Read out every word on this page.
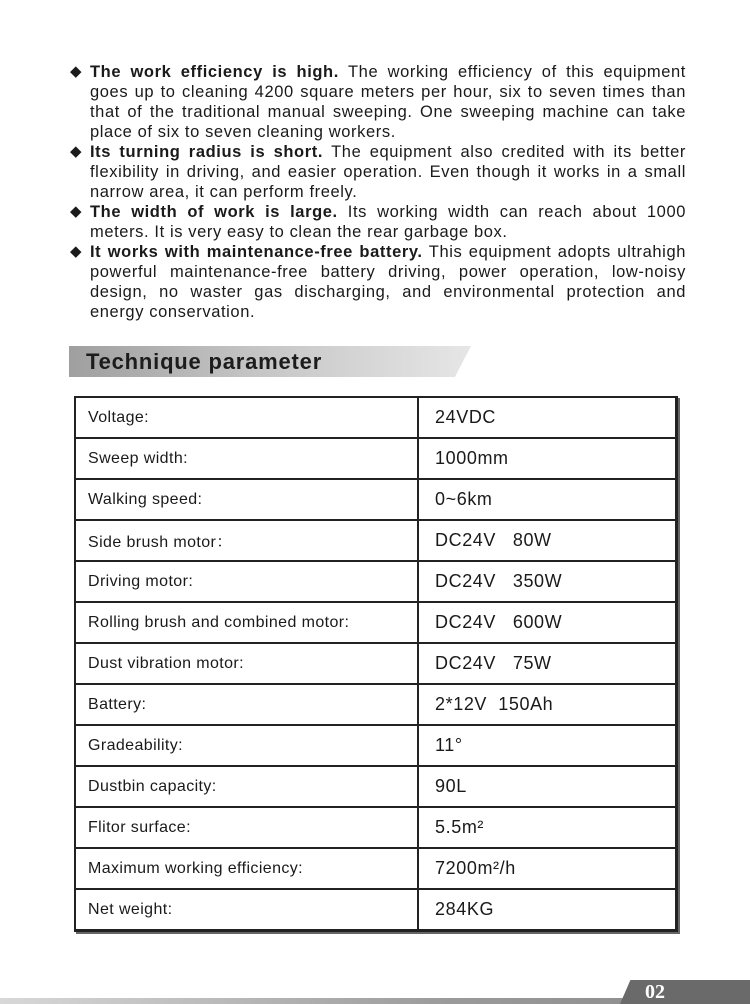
◆ The work efficiency is high. The working efficiency of this equipment goes up to cleaning 4200 square meters per hour, six to seven times than that of the traditional manual sweeping. One sweeping machine can take place of six to seven cleaning workers.
◆ Its turning radius is short. The equipment also credited with its better flexibility in driving, and easier operation. Even though it works in a small narrow area, it can perform freely.
◆ The width of work is large. Its working width can reach about 1000 meters. It is very easy to clean the rear garbage box.
◆ It works with maintenance-free battery. This equipment adopts ultrahigh powerful maintenance-free battery driving, power operation, low-noisy design, no waster gas discharging, and environmental protection and energy conservation.
Technique parameter
Voltage:	24VDC
Sweep width:	1000mm
Walking speed:	0~6km
Side brush motor：	DC24V   80W
Driving motor:	DC24V   350W
Rolling brush and combined motor:	DC24V   600W
Dust vibration motor:	DC24V   75W
Battery:	2*12V  150Ah
Gradeability:	11°
Dustbin capacity:	90L
Flitor surface:	5.5m²
Maximum working efficiency:	7200m²/h
Net weight:	284KG
02
